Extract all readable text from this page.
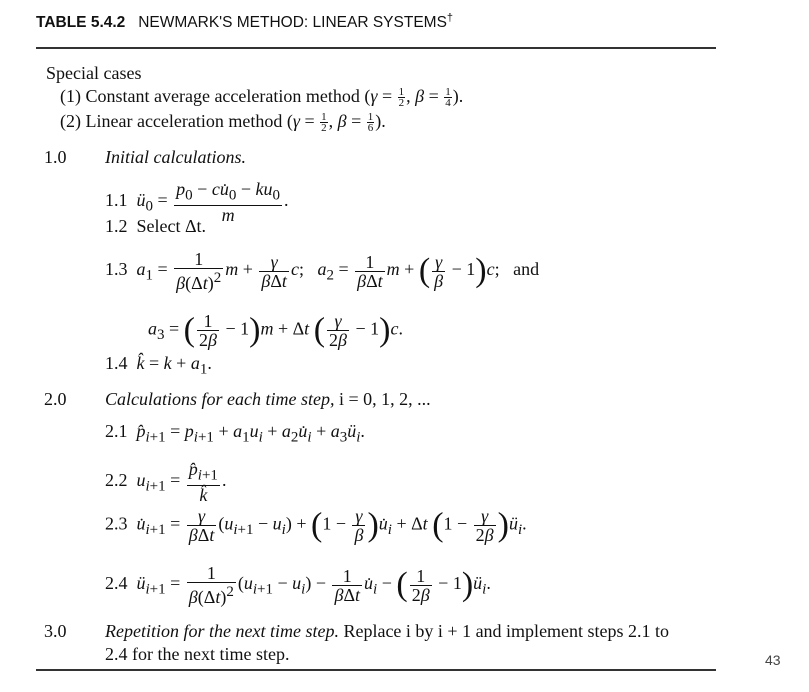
TABLE 5.4.2 NEWMARK'S METHOD: LINEAR SYSTEMS†
Special cases
(1) Constant average acceleration method ($\gamma = \frac{1}{2}$ , $\beta = \frac{1}{4}$ ).
(2) Linear acceleration method ($\gamma = \frac{1}{2}$ , $\beta = \frac{1}{6}$ ).
1.0 Initial calculations.
1.1 $ü_0 = \frac{p_0 - cu̇_0 - ku_0}{m}$ .
1.2 Select Δt.
1.3 $a_1 = \frac{1}{\beta(\Delta t)^2}$ $m + \frac{\gamma}{\text{βΔt}} c$;   $a_2 = \frac{1}{\text{βΔt}}$ m + ( $\frac{\gamma}{\beta} - 1)c$;   and
$a_3$ = ( $\frac{1}{2\beta} - 1)m + \Delta t$ ( $\frac{\gamma}{2\beta} - 1)c$.
1.4 k̂ = $k + a_1$.
2.0 Calculations for each time step, i = 0, 1, 2, ...
2.1 $p̂_{i+1} = p_{i+1} + a_1u_i$ + $a_2u̇_i$ + $a_3ü_i$.
2.2 $u_{i+1} = \frac{p̂_{i+1}}{k̂}$ .
2.3 $u̇_{i+1} = \frac{\gamma}{\text{βΔt}} (u_{i+1} - u_i) + (1 - \frac{\gamma}{\beta}$ )$u̇_i + \Delta t$ ($1 - \frac{\gamma}{2\beta}$ )$ü_i$.
2.4 $ü_{i+1} = \frac{1}{\beta(\Delta t)^2} (u_{i+1} - u_i) - \frac{1}{\text{βΔt}}$ $u̇_i$ − ( $\frac{1}{2\beta}$ − $1)ü_i$.
3.0 Repetition for the next time step. Replace i by i + 1 and implement steps 2.1 to
2.4 for the next time step.	43
